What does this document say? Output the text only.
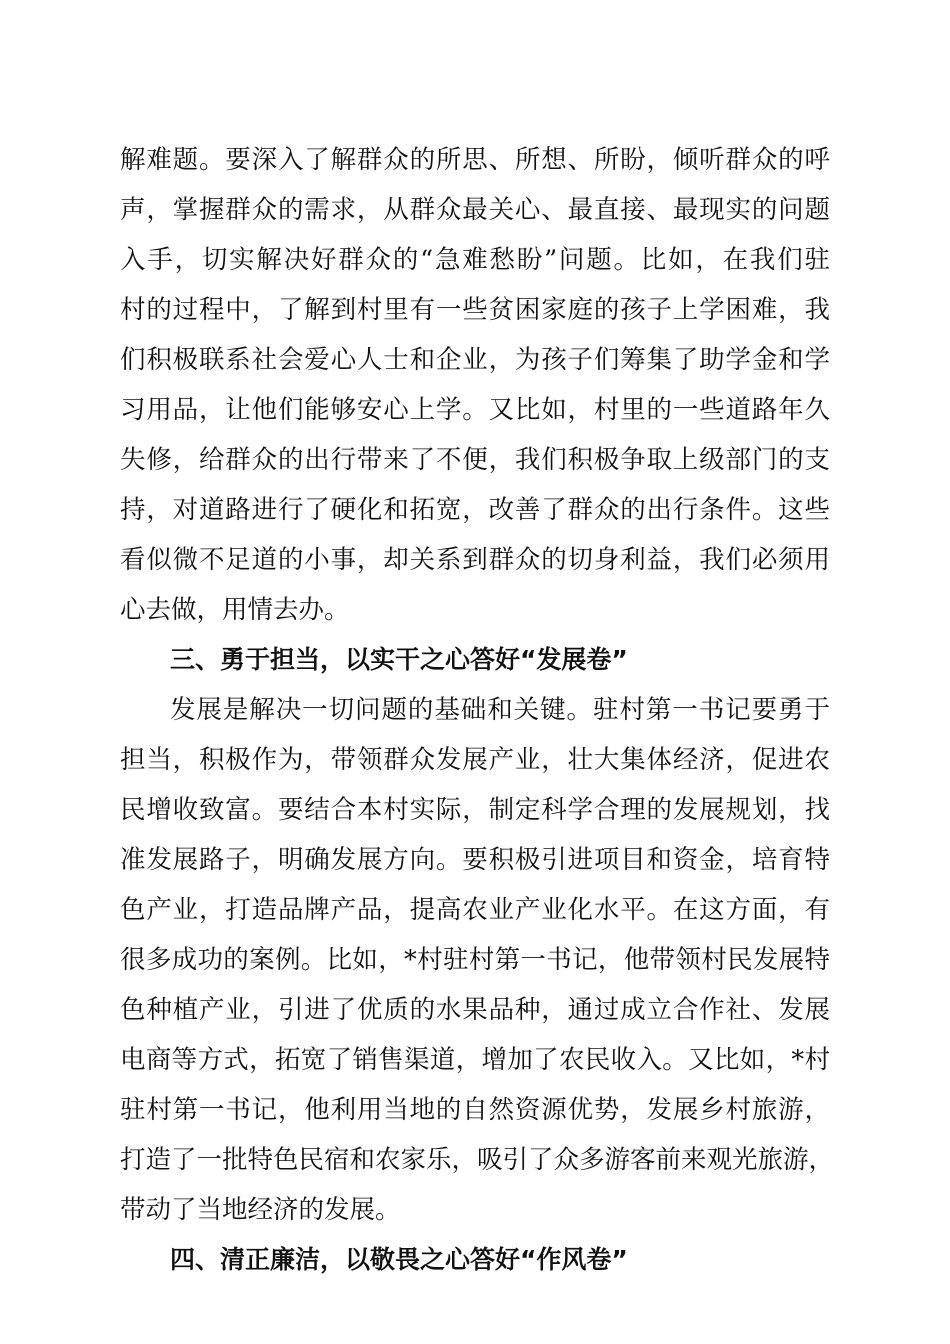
解难题。要深入了解群众的所思、所想、所盼，倾听群众的呼
声，掌握群众的需求，从群众最关心、最直接、最现实的问题
入手，切实解决好群众的“急难愁盼”问题。比如，在我们驻
村的过程中，了解到村里有一些贫困家庭的孩子上学困难，我
们积极联系社会爱心人士和企业，为孩子们筹集了助学金和学
习用品，让他们能够安心上学。又比如，村里的一些道路年久
失修，给群众的出行带来了不便，我们积极争取上级部门的支
持，对道路进行了硬化和拓宽，改善了群众的出行条件。这些
看似微不足道的小事，却关系到群众的切身利益，我们必须用
心去做，用情去办。
三、勇于担当，以实干之心答好“发展卷”
发展是解决一切问题的基础和关键。驻村第一书记要勇于
担当，积极作为，带领群众发展产业，壮大集体经济，促进农
民增收致富。要结合本村实际，制定科学合理的发展规划，找
准发展路子，明确发展方向。要积极引进项目和资金，培育特
色产业，打造品牌产品，提高农业产业化水平。在这方面，有
很多成功的案例。比如，*村驻村第一书记，他带领村民发展特
色种植产业，引进了优质的水果品种，通过成立合作社、发展
电商等方式，拓宽了销售渠道，增加了农民收入。又比如，*村
驻村第一书记，他利用当地的自然资源优势，发展乡村旅游，
打造了一批特色民宿和农家乐，吸引了众多游客前来观光旅游，
带动了当地经济的发展。
四、清正廉洁，以敬畏之心答好“作风卷”
